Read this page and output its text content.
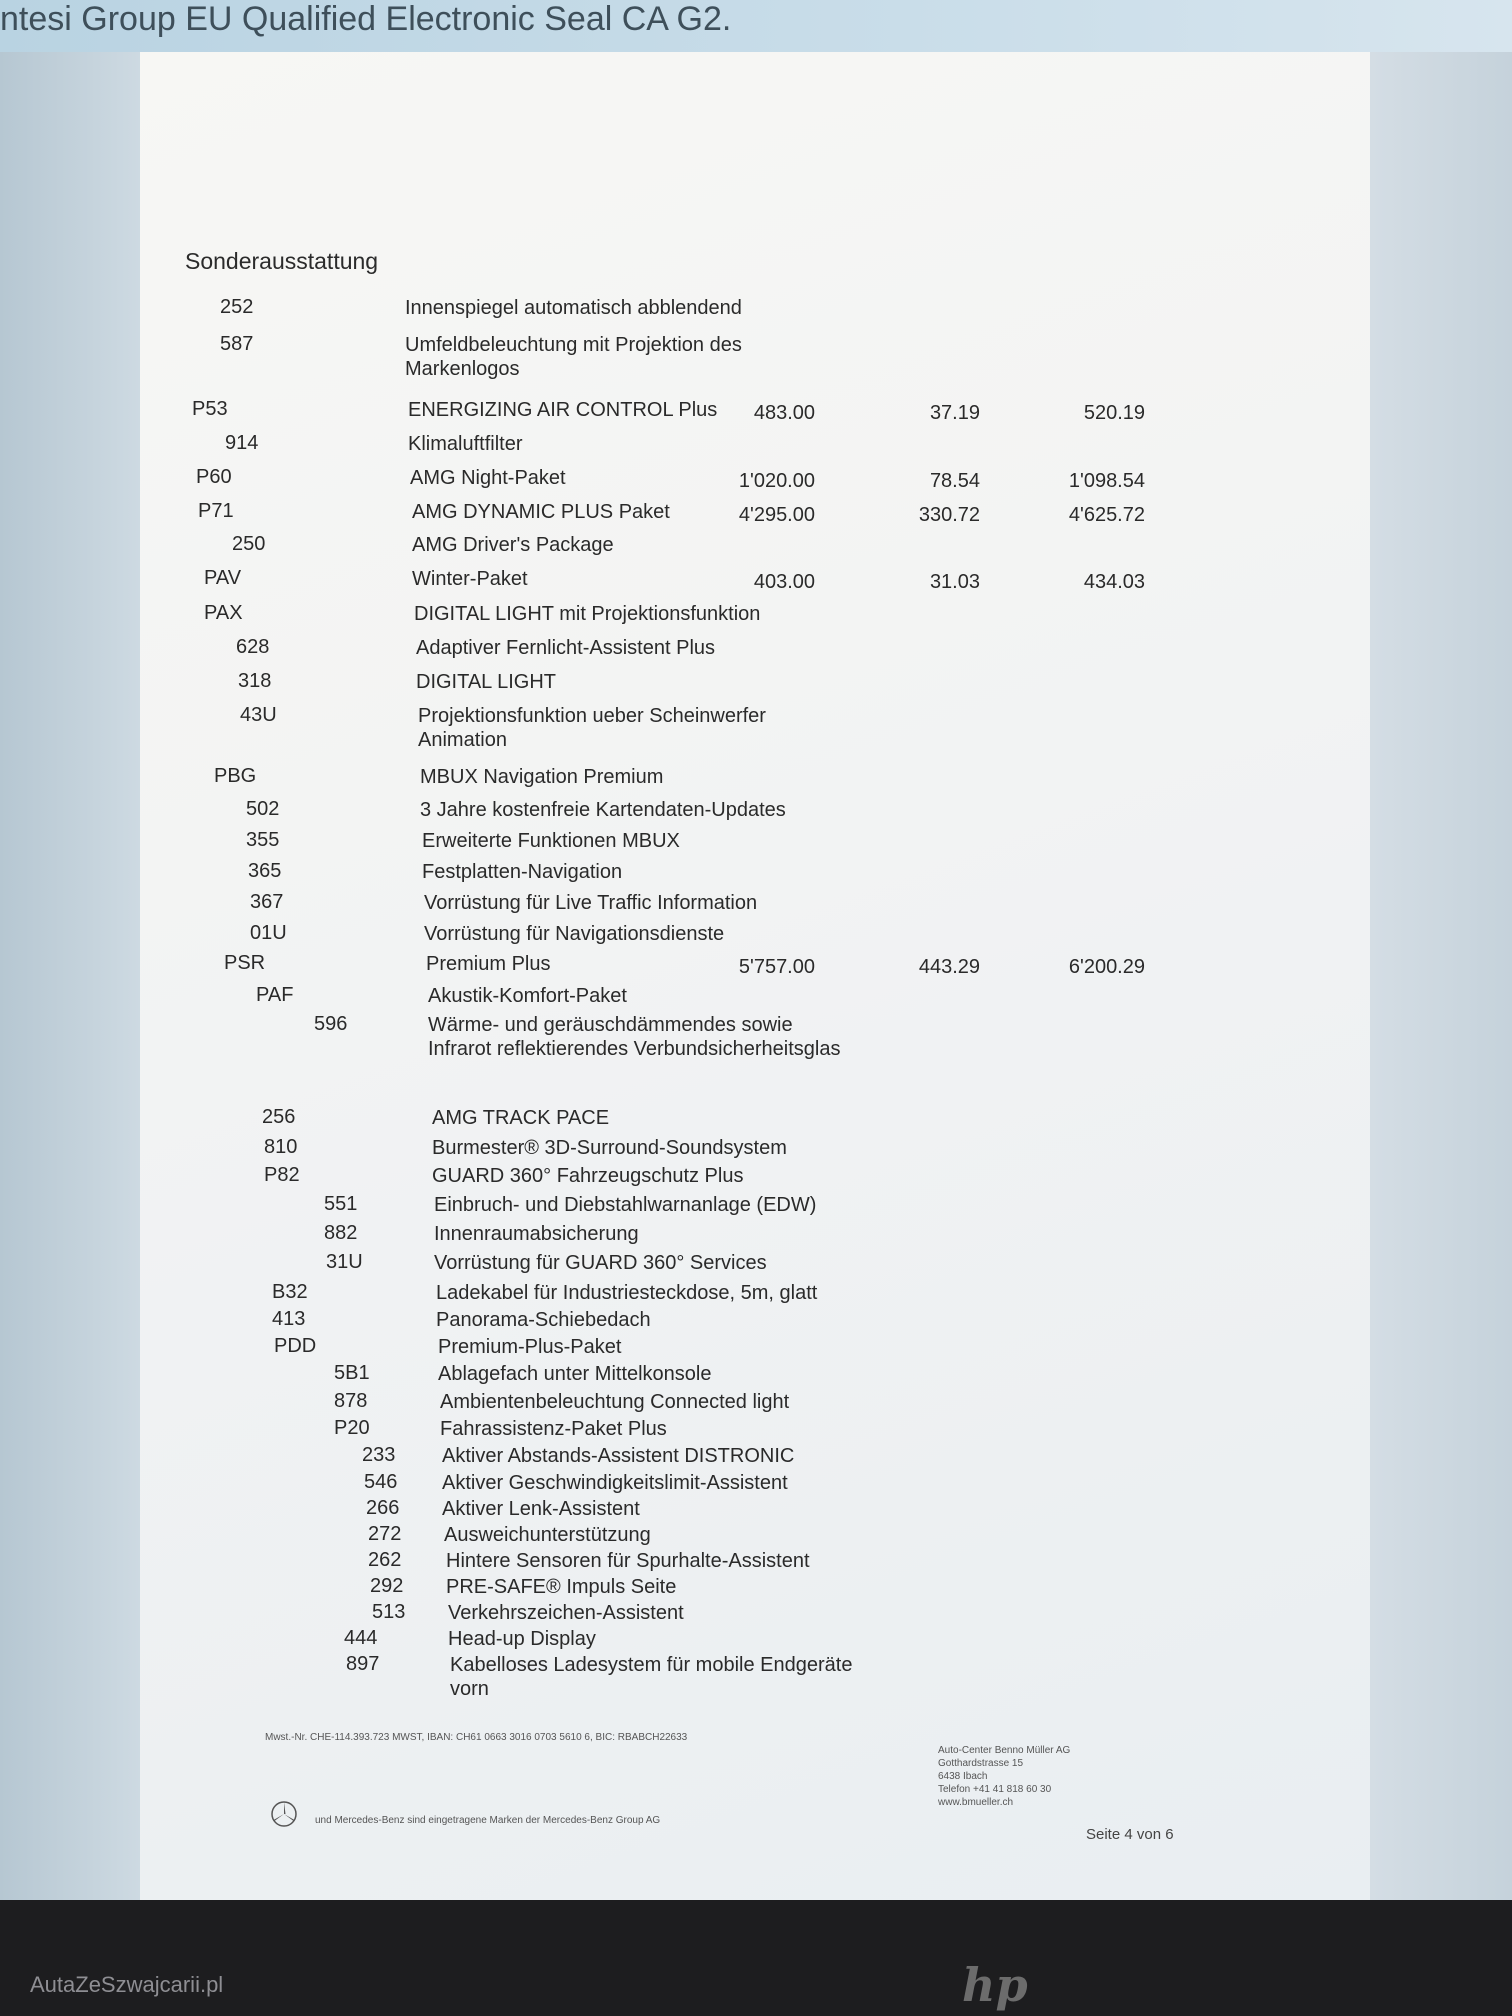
ntesi Group EU Qualified Electronic Seal CA G2.
Sonderausstattung
252	Innenspiegel automatisch abblendend
587	Umfeldbeleuchtung mit Projektion des Markenlogos
P53	ENERGIZING AIR CONTROL Plus	483.00	37.19	520.19
914	Klimaluftfilter
P60	AMG Night-Paket	1'020.00	78.54	1'098.54
P71	AMG DYNAMIC PLUS Paket	4'295.00	330.72	4'625.72
250	AMG Driver's Package
PAV	Winter-Paket	403.00	31.03	434.03
PAX	DIGITAL LIGHT mit Projektionsfunktion
628	Adaptiver Fernlicht-Assistent Plus
318	DIGITAL LIGHT
43U	Projektionsfunktion ueber Scheinwerfer Animation
PBG	MBUX Navigation Premium
502	3 Jahre kostenfreie Kartendaten-Updates
355	Erweiterte Funktionen MBUX
365	Festplatten-Navigation
367	Vorrüstung für Live Traffic Information
01U	Vorrüstung für Navigationsdienste
PSR	Premium Plus	5'757.00	443.29	6'200.29
PAF	Akustik-Komfort-Paket
596	Wärme- und geräuschdämmendes sowie Infrarot reflektierendes Verbundsicherheitsglas
256	AMG TRACK PACE
810	Burmester® 3D-Surround-Soundsystem
P82	GUARD 360° Fahrzeugschutz Plus
551	Einbruch- und Diebstahlwarnanlage (EDW)
882	Innenraumabsicherung
31U	Vorrüstung für GUARD 360° Services
B32	Ladekabel für Industriesteckdose, 5m, glatt
413	Panorama-Schiebedach
PDD	Premium-Plus-Paket
5B1	Ablagefach unter Mittelkonsole
878	Ambientenbeleuchtung Connected light
P20	Fahrassistenz-Paket Plus
233 Aktiver Abstands-Assistent DISTRONIC
546 Aktiver Geschwindigkeitslimit-Assistent
266 Aktiver Lenk-Assistent
272 Ausweichunterstützung
262 Hintere Sensoren für Spurhalte-Assistent
292 PRE-SAFE® Impuls Seite
513 Verkehrszeichen-Assistent
444	Head-up Display
897	Kabelloses Ladesystem für mobile Endgeräte vorn
Mwst.-Nr. CHE-114.393.723 MWST, IBAN: CH61 0663 3016 0703 5610 6, BIC: RBABCH22633
und Mercedes-Benz sind eingetragene Marken der Mercedes-Benz Group AG
Auto-Center Benno Müller AG
Gotthardstrasse 15
6438 Ibach
Telefon +41 41 818 60 30
www.bmueller.ch
Seite 4 von 6
hp
AutaZeSzwajcarii.pl
